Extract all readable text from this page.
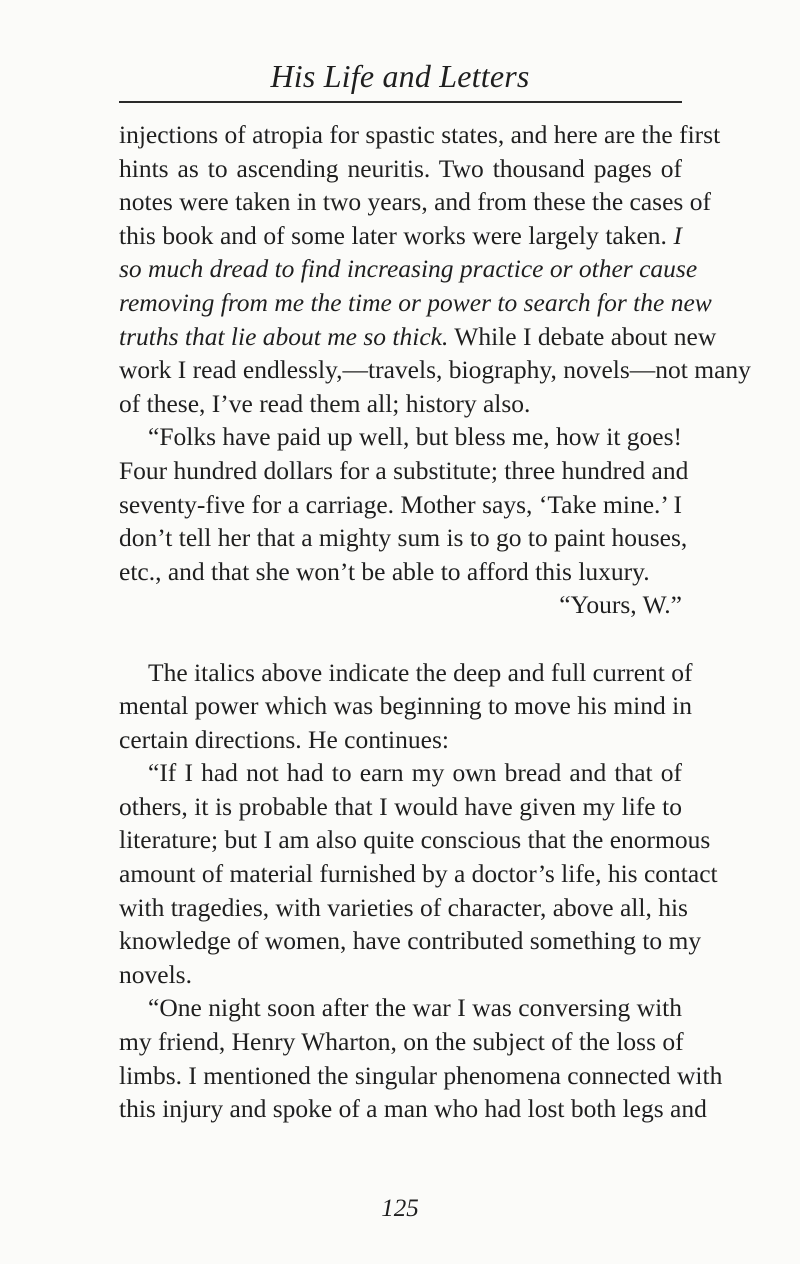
His Life and Letters
injections of atropia for spastic states, and here are the first
hints as to ascending neuritis. Two thousand pages of
notes were taken in two years, and from these the cases of
this book and of some later works were largely taken. I
so much dread to find increasing practice or other cause
removing from me the time or power to search for the new
truths that lie about me so thick. While I debate about new
work I read endlessly,—travels, biography, novels—not many
of these, I’ve read them all; history also.
“Folks have paid up well, but bless me, how it goes!
Four hundred dollars for a substitute; three hundred and
seventy-five for a carriage. Mother says, ‘Take mine.’ I
don’t tell her that a mighty sum is to go to paint houses,
etc., and that she won’t be able to afford this luxury.
“Yours, W.”
The italics above indicate the deep and full current of
mental power which was beginning to move his mind in
certain directions. He continues:
“If I had not had to earn my own bread and that of
others, it is probable that I would have given my life to
literature; but I am also quite conscious that the enormous
amount of material furnished by a doctor’s life, his contact
with tragedies, with varieties of character, above all, his
knowledge of women, have contributed something to my
novels.
“One night soon after the war I was conversing with
my friend, Henry Wharton, on the subject of the loss of
limbs. I mentioned the singular phenomena connected with
this injury and spoke of a man who had lost both legs and
125
